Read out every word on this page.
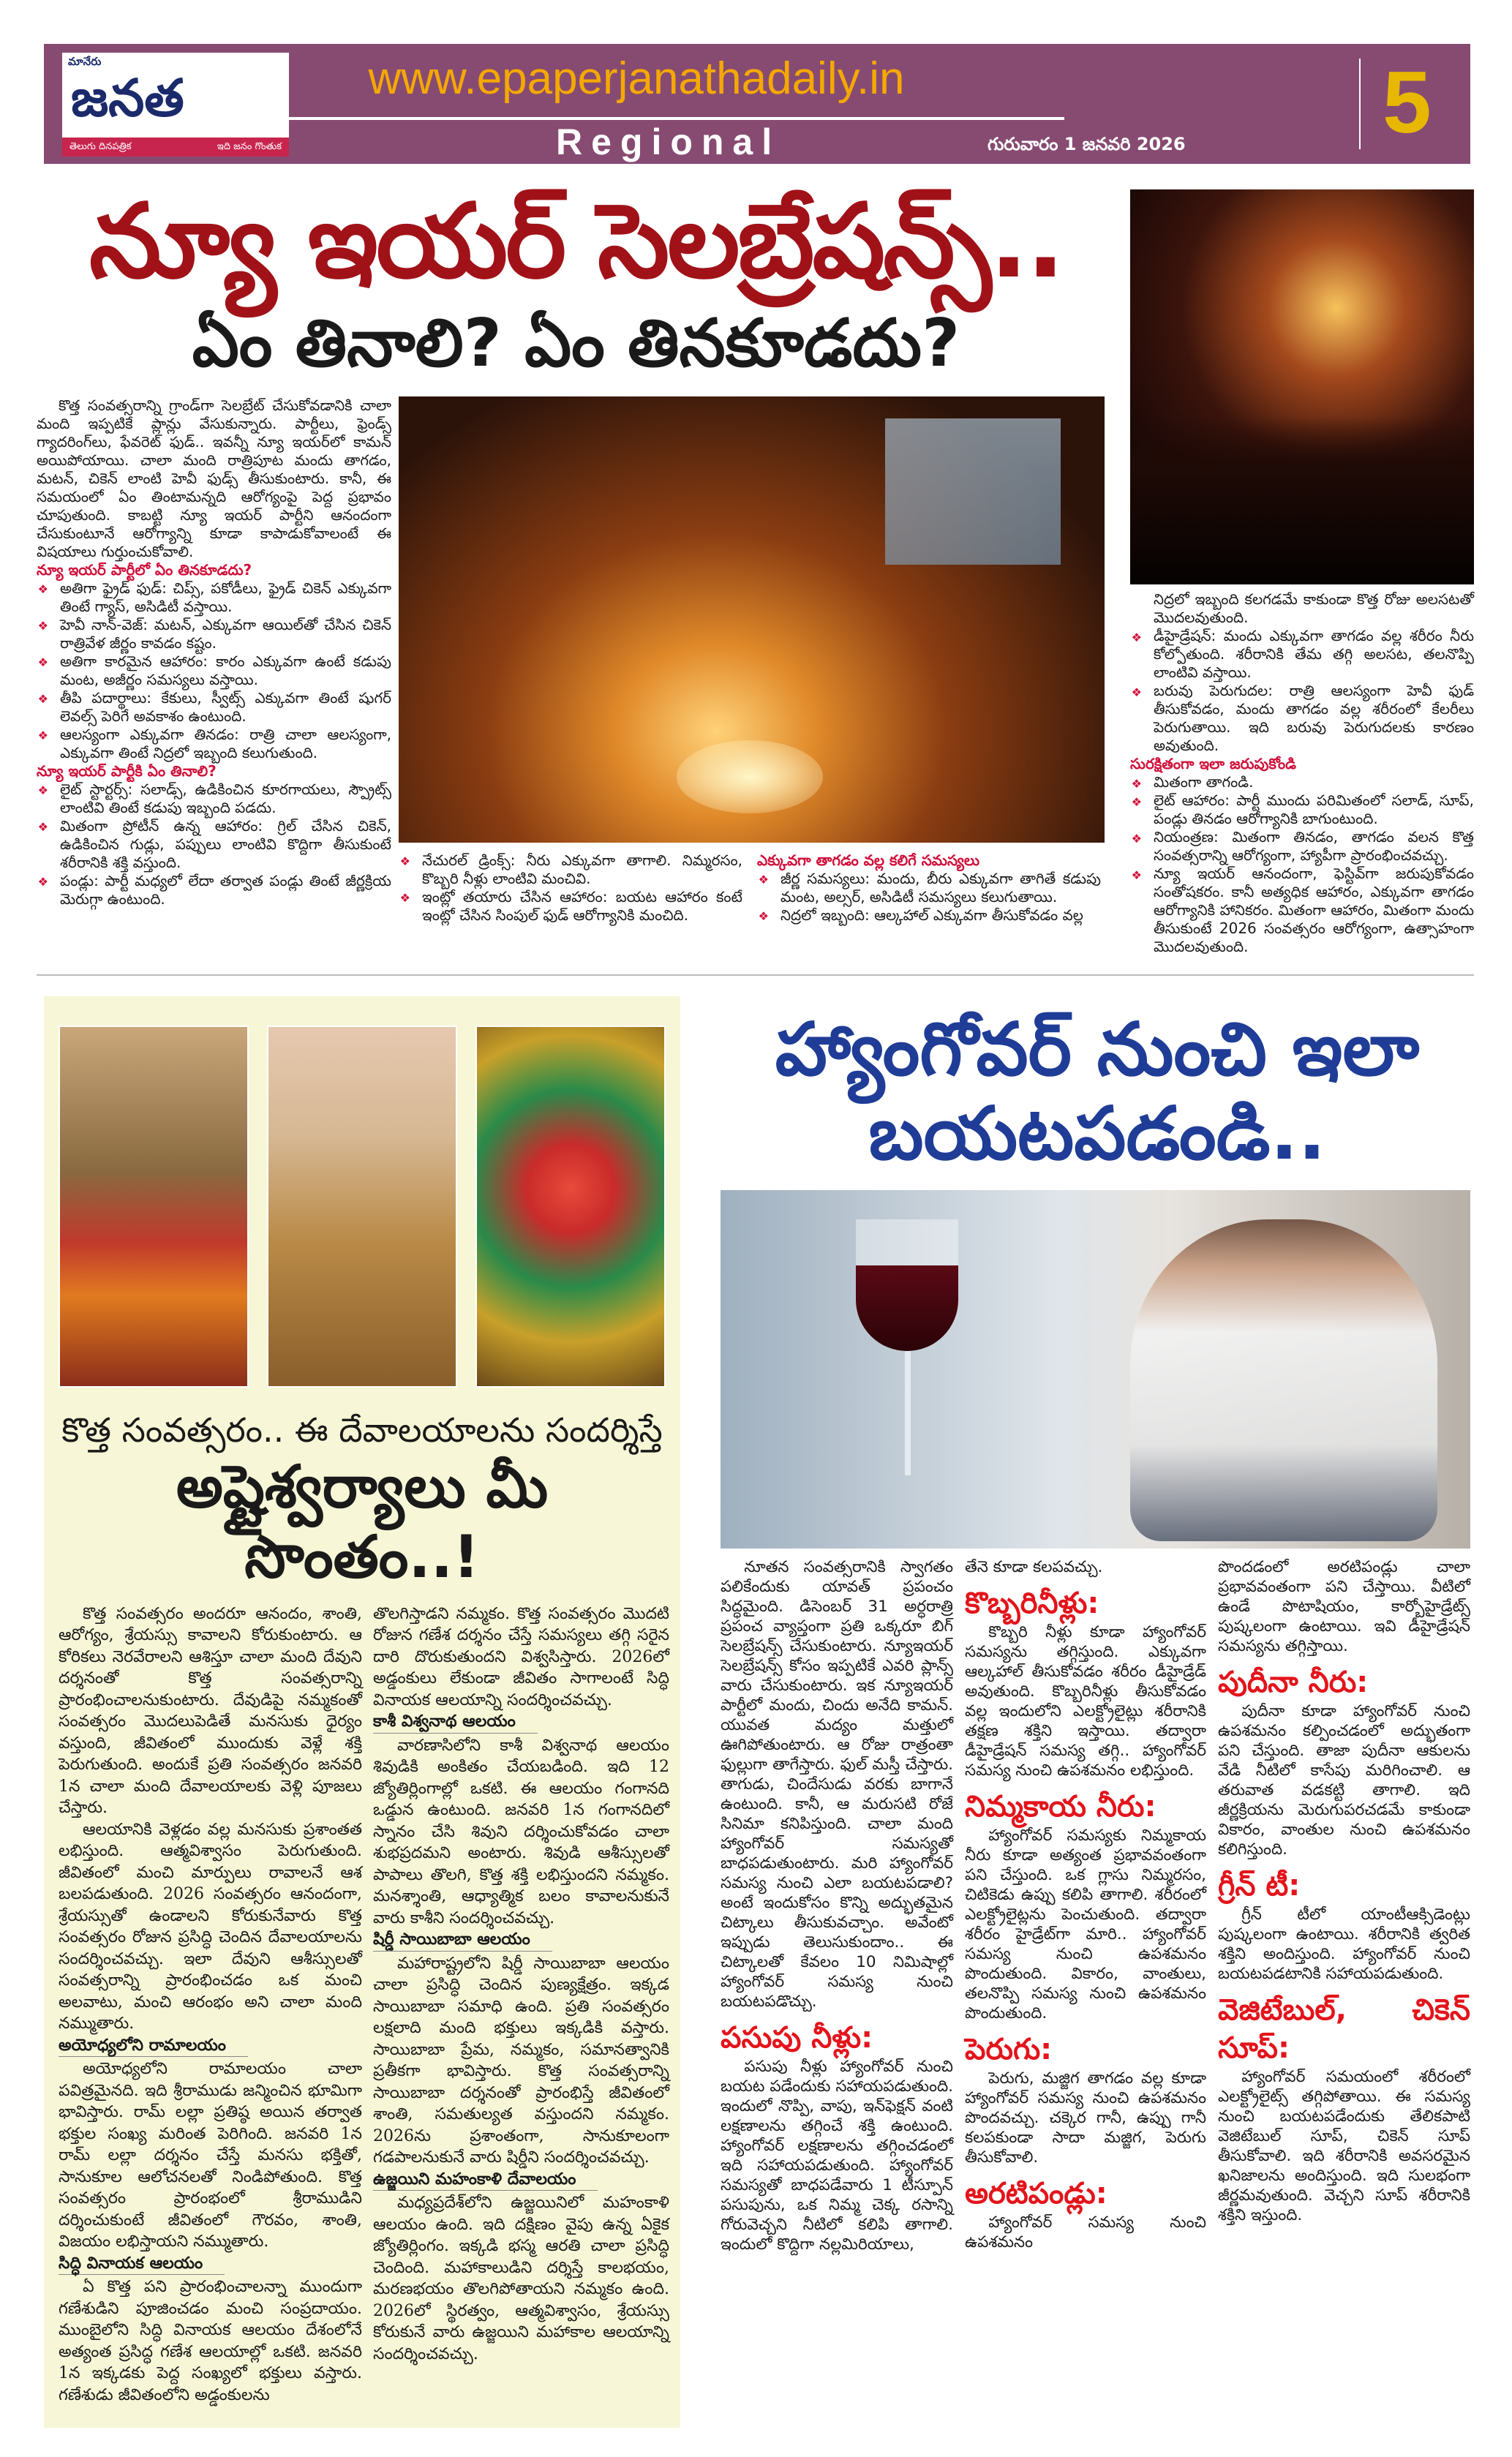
మానేరు
జనత
తెలుగు దినపత్రిక	ఇది జనం గొంతుక
www.epaperjanathadaily.in
Regional	గురువారం 1 జనవరి 2026 5
న్యూ ఇయర్ సెలబ్రేషన్స్..
ఏం తినాలి? ఏం తినకూడదు?
కొత్త సంవత్సరాన్ని గ్రాండ్‌గా సెలబ్రేట్ చేసుకోవడానికి చాలా మంది ఇప్పటికే ప్లాన్లు వేసుకున్నారు. పార్టీలు, ఫ్రెండ్స్ గ్యాదరింగ్‌లు, ఫేవరెట్ ఫుడ్.. ఇవన్నీ న్యూ ఇయర్‌లో కామన్ అయిపోయాయి. చాలా మంది రాత్రిపూట మందు తాగడం, మటన్, చికెన్ లాంటి హెవీ ఫుడ్స్ తీసుకుంటారు. కానీ, ఈ సమయంలో ఏం తింటామన్నది ఆరోగ్యంపై పెద్ద ప్రభావం చూపుతుంది. కాబట్టి న్యూ ఇయర్ పార్టీని ఆనందంగా చేసుకుంటూనే ఆరోగ్యాన్ని కూడా కాపాడుకోవాలంటే ఈ విషయాలు గుర్తుంచుకోవాలి.
న్యూ ఇయర్ పార్టీలో ఏం తినకూడదు?
❖ అతిగా ఫ్రైడ్ ఫుడ్: చిప్స్, పకోడీలు, ఫ్రైడ్ చికెన్ ఎక్కువగా తింటే గ్యాస్, అసిడిటీ వస్తాయి.
❖ హెవీ నాన్-వెజ్: మటన్, ఎక్కువగా ఆయిల్‌తో చేసిన చికెన్ రాత్రివేళ జీర్ణం కావడం కష్టం.
❖ అతిగా కారమైన ఆహారం: కారం ఎక్కువగా ఉంటే కడుపు మంట, అజీర్ణం సమస్యలు వస్తాయి.
❖ తీపి పదార్థాలు: కేకులు, స్వీట్స్ ఎక్కువగా తింటే షుగర్ లెవల్స్ పెరిగే అవకాశం ఉంటుంది.
❖ ఆలస్యంగా ఎక్కువగా తినడం: రాత్రి చాలా ఆలస్యంగా, ఎక్కువగా తింటే నిద్రలో ఇబ్బంది కలుగుతుంది.
న్యూ ఇయర్ పార్టీకి ఏం తినాలి?
❖ లైట్ స్టార్టర్స్: సలాడ్స్, ఉడికించిన కూరగాయలు, స్ప్రౌట్స్ లాంటివి తింటే కడుపు ఇబ్బంది పడదు.
❖ మితంగా ప్రోటీన్ ఉన్న ఆహారం: గ్రిల్ చేసిన చికెన్, ఉడికించిన గుడ్లు, పప్పులు లాంటివి కొద్దిగా తీసుకుంటే శరీరానికి శక్తి వస్తుంది.
❖ పండ్లు: పార్టీ మధ్యలో లేదా తర్వాత పండ్లు తింటే జీర్ణక్రియ మెరుగ్గా ఉంటుంది.
❖ నేచురల్ డ్రింక్స్: నీరు ఎక్కువగా తాగాలి. నిమ్మరసం, కొబ్బరి నీళ్లు లాంటివి మంచివి.
❖ ఇంట్లో తయారు చేసిన ఆహారం: బయట ఆహారం కంటే ఇంట్లో చేసిన సింపుల్ ఫుడ్ ఆరోగ్యానికి మంచిది.
ఎక్కువగా తాగడం వల్ల కలిగే సమస్యలు
❖ జీర్ణ సమస్యలు: మందు, బీరు ఎక్కువగా తాగితే కడుపు మంట, అల్సర్, అసిడిటీ సమస్యలు కలుగుతాయి.
❖ నిద్రలో ఇబ్బంది: ఆల్కహాల్ ఎక్కువగా తీసుకోవడం వల్ల
నిద్రలో ఇబ్బంది కలగడమే కాకుండా కొత్త రోజు అలసటతో మొదలవుతుంది.
❖ డీహైడ్రేషన్: మందు ఎక్కువగా తాగడం వల్ల శరీరం నీరు కోల్పోతుంది. శరీరానికి తేమ తగ్గి అలసట, తలనొప్పి లాంటివి వస్తాయి.
❖ బరువు పెరుగుదల: రాత్రి ఆలస్యంగా హెవీ ఫుడ్ తీసుకోవడం, మందు తాగడం వల్ల శరీరంలో కేలరీలు పెరుగుతాయి. ఇది బరువు పెరుగుదలకు కారణం అవుతుంది.
సురక్షితంగా ఇలా జరుపుకోండి
❖ మితంగా తాగండి.
❖ లైట్ ఆహారం: పార్టీ ముందు పరిమితంలో సలాడ్, సూప్, పండ్లు తినడం ఆరోగ్యానికి బాగుంటుంది.
❖ నియంత్రణ: మితంగా తినడం, తాగడం వలన కొత్త సంవత్సరాన్ని ఆరోగ్యంగా, హ్యాపీగా ప్రారంభించవచ్చు.
❖ న్యూ ఇయర్ ఆనందంగా, ఫెస్టివ్‌గా జరుపుకోవడం సంతోషకరం. కానీ అత్యధిక ఆహారం, ఎక్కువగా తాగడం ఆరోగ్యానికి హానికరం. మితంగా ఆహారం, మితంగా మందు తీసుకుంటే 2026 సంవత్సరం ఆరోగ్యంగా, ఉత్సాహంగా మొదలవుతుంది.
కొత్త సంవత్సరం.. ఈ దేవాలయాలను సందర్శిస్తే
అష్టైశ్వర్యాలు మీ సొంతం..!
కొత్త సంవత్సరం అందరూ ఆనందం, శాంతి, ఆరోగ్యం, శ్రేయస్సు కావాలని కోరుకుంటారు. ఆ కోరికలు నెరవేరాలని ఆశిస్తూ చాలా మంది దేవుని దర్శనంతో కొత్త సంవత్సరాన్ని ప్రారంభించాలనుకుంటారు. దేవుడిపై నమ్మకంతో సంవత్సరం మొదలుపెడితే మనసుకు ధైర్యం వస్తుంది, జీవితంలో ముందుకు వెళ్లే శక్తి పెరుగుతుంది. అందుకే ప్రతి సంవత్సరం జనవరి 1న చాలా మంది దేవాలయాలకు వెళ్లి పూజలు చేస్తారు.
ఆలయానికి వెళ్లడం వల్ల మనసుకు ప్రశాంతత లభిస్తుంది. ఆత్మవిశ్వాసం పెరుగుతుంది. జీవితంలో మంచి మార్పులు రావాలనే ఆశ బలపడుతుంది. 2026 సంవత్సరం ఆనందంగా, శ్రేయస్సుతో ఉండాలని కోరుకునేవారు కొత్త సంవత్సరం రోజున ప్రసిద్ధి చెందిన దేవాలయాలను సందర్శించవచ్చు. ఇలా దేవుని ఆశీస్సులతో సంవత్సరాన్ని ప్రారంభించడం ఒక మంచి అలవాటు, మంచి ఆరంభం అని చాలా మంది నమ్ముతారు.
అయోధ్యలోని రామాలయం
అయోధ్యలోని రామాలయం చాలా పవిత్రమైనది. ఇది శ్రీరాముడు జన్మించిన భూమిగా భావిస్తారు. రామ్ లల్లా ప్రతిష్ఠ అయిన తర్వాత భక్తుల సంఖ్య మరింత పెరిగింది. జనవరి 1న రామ్ లల్లా దర్శనం చేస్తే మనసు భక్తితో, సానుకూల ఆలోచనలతో నిండిపోతుంది. కొత్త సంవత్సరం ప్రారంభంలో శ్రీరాముడిని దర్శించుకుంటే జీవితంలో గౌరవం, శాంతి, విజయం లభిస్తాయని నమ్ముతారు.
సిద్ధి వినాయక ఆలయం
ఏ కొత్త పని ప్రారంభించాలన్నా ముందుగా గణేశుడిని పూజించడం మంచి సంప్రదాయం. ముంబైలోని సిద్ధి వినాయక ఆలయం దేశంలోనే అత్యంత ప్రసిద్ధ గణేశ ఆలయాల్లో ఒకటి. జనవరి 1న ఇక్కడకు పెద్ద సంఖ్యలో భక్తులు వస్తారు. గణేశుడు జీవితంలోని అడ్డంకులను
తొలగిస్తాడని నమ్మకం. కొత్త సంవత్సరం మొదటి రోజున గణేశ దర్శనం చేస్తే సమస్యలు తగ్గి సరైన దారి దొరుకుతుందని విశ్వసిస్తారు. 2026లో అడ్డంకులు లేకుండా జీవితం సాగాలంటే సిద్ధి వినాయక ఆలయాన్ని సందర్శించవచ్చు.
కాశీ విశ్వనాథ ఆలయం
వారణాసిలోని కాశీ విశ్వనాథ ఆలయం శివుడికి అంకితం చేయబడింది. ఇది 12 జ్యోతిర్లింగాల్లో ఒకటి. ఈ ఆలయం గంగానది ఒడ్డున ఉంటుంది. జనవరి 1న గంగానదిలో స్నానం చేసి శివుని దర్శించుకోవడం చాలా శుభప్రదమని అంటారు. శివుడి ఆశీస్సులతో పాపాలు తొలగి, కొత్త శక్తి లభిస్తుందని నమ్మకం. మనశ్శాంతి, ఆధ్యాత్మిక బలం కావాలనుకునే వారు కాశీని సందర్శించవచ్చు.
షిర్డీ సాయిబాబా ఆలయం
మహారాష్ట్రలోని షిర్డీ సాయిబాబా ఆలయం చాలా ప్రసిద్ధి చెందిన పుణ్యక్షేత్రం. ఇక్కడ సాయిబాబా సమాధి ఉంది. ప్రతి సంవత్సరం లక్షలాది మంది భక్తులు ఇక్కడికి వస్తారు. సాయిబాబా ప్రేమ, నమ్మకం, సమానత్వానికి ప్రతీకగా భావిస్తారు. కొత్త సంవత్సరాన్ని సాయిబాబా దర్శనంతో ప్రారంభిస్తే జీవితంలో శాంతి, సమతుల్యత వస్తుందని నమ్మకం. 2026ను ప్రశాంతంగా, సానుకూలంగా గడపాలనుకునే వారు షిర్డీని సందర్శించవచ్చు.
ఉజ్జయిని మహంకాళి దేవాలయం
మధ్యప్రదేశ్‌లోని ఉజ్జయినిలో మహంకాళి ఆలయం ఉంది. ఇది దక్షిణం వైపు ఉన్న ఏకైక జ్యోతిర్లింగం. ఇక్కడి భస్మ ఆరతి చాలా ప్రసిద్ధి చెందింది. మహాకాలుడిని దర్శిస్తే కాలభయం, మరణభయం తొలగిపోతాయని నమ్మకం ఉంది. 2026లో స్థిరత్వం, ఆత్మవిశ్వాసం, శ్రేయస్సు కోరుకునే వారు ఉజ్జయిని మహాకాల ఆలయాన్ని సందర్శించవచ్చు.
హ్యాంగోవర్ నుంచి ఇలా బయటపడండి..
నూతన సంవత్సరానికి స్వాగతం పలికేందుకు యావత్ ప్రపంచం సిద్ధమైంది. డిసెంబర్ 31 అర్ధరాత్రి ప్రపంచ వ్యాప్తంగా ప్రతి ఒక్కరూ బిగ్ సెలబ్రేషన్స్ చేసుకుంటారు. న్యూఇయర్ సెలబ్రేషన్స్ కోసం ఇప్పటికే ఎవరి ప్లాన్స్ వారు చేసుకుంటారు. ఇక న్యూఇయర్ పార్టీలో మందు, చిందు అనేది కామన్. యువత మద్యం మత్తులో ఊగిపోతుంటారు. ఆ రోజు రాత్రంతా ఫుల్లుగా తాగేస్తారు. ఫుల్ మస్తీ చేస్తారు. తాగుడు, చిందేసుడు వరకు బాగానే ఉంటుంది. కానీ, ఆ మరుసటి రోజే సినిమా కనిపిస్తుంది. చాలా మంది హ్యాంగోవర్ సమస్యతో బాధపడుతుంటారు. మరి హ్యాంగోవర్ సమస్య నుంచి ఎలా బయటపడాలి? అంటే ఇందుకోసం కొన్ని అద్భుతమైన చిట్కాలు తీసుకువచ్చాం. అవేంటో ఇప్పుడు తెలుసుకుందాం.. ఈ చిట్కాలతో కేవలం 10 నిమిషాల్లో హ్యాంగోవర్ సమస్య నుంచి బయటపడొచ్చు.
పసుపు నీళ్లు:
పసుపు నీళ్లు హ్యాంగోవర్ నుంచి బయట పడేందుకు సహాయపడుతుంది. ఇందులో నొప్పి, వాపు, ఇన్‌ఫెక్షన్ వంటి లక్షణాలను తగ్గించే శక్తి ఉంటుంది. హ్యాంగోవర్ లక్షణాలను తగ్గించడంలో ఇది సహాయపడుతుంది. హ్యాంగోవర్ సమస్యతో బాధపడేవారు 1 టీస్పూన్ పసుపును, ఒక నిమ్మ చెక్క రసాన్ని గోరువెచ్చని నీటిలో కలిపి తాగాలి. ఇందులో కొద్దిగా నల్లమిరియాలు,
తేనె కూడా కలపవచ్చు.
కొబ్బరినీళ్లు:
కొబ్బరి నీళ్లు కూడా హ్యాంగోవర్ సమస్యను తగ్గిస్తుంది. ఎక్కువగా ఆల్కహాల్ తీసుకోవడం శరీరం డీహైడ్రేడ్ అవుతుంది. కొబ్బరినీళ్లు తీసుకోవడం వల్ల ఇందులోని ఎలక్ట్రోలైట్లు శరీరానికి తక్షణ శక్తిని ఇస్తాయి. తద్వారా డీహైడ్రేషన్ సమస్య తగ్గి.. హ్యాంగోవర్ సమస్య నుంచి ఉపశమనం లభిస్తుంది.
నిమ్మకాయ నీరు:
హ్యాంగోవర్ సమస్యకు నిమ్మకాయ నీరు కూడా అత్యంత ప్రభావవంతంగా పని చేస్తుంది. ఒక గ్లాసు నిమ్మరసం, చిటికెడు ఉప్పు కలిపి తాగాలి. శరీరంలో ఎలక్ట్రోలైట్లను పెంచుతుంది. తద్వారా శరీరం హైడ్రేట్‌గా మారి.. హ్యాంగోవర్ సమస్య నుంచి ఉపశమనం పొందుతుంది. వికారం, వాంతులు, తలనొప్పి సమస్య నుంచి ఉపశమనం పొందుతుంది.
పెరుగు:
పెరుగు, మజ్జిగ తాగడం వల్ల కూడా హ్యాంగోవర్ సమస్య నుంచి ఉపశమనం పొందవచ్చు. చక్కెర గానీ, ఉప్పు గానీ కలపకుండా సాదా మజ్జిగ, పెరుగు తీసుకోవాలి.
అరటిపండ్లు:
హ్యాంగోవర్ సమస్య నుంచి ఉపశమనం
పొందడంలో అరటిపండ్లు చాలా ప్రభావవంతంగా పని చేస్తాయి. వీటిలో ఉండే పొటాషియం, కార్బోహైడ్రేట్స్ పుష్కలంగా ఉంటాయి. ఇవి డీహైడ్రేషన్ సమస్యను తగ్గిస్తాయి.
పుదీనా నీరు:
పుదీనా కూడా హ్యాంగోవర్ నుంచి ఉపశమనం కల్పించడంలో అద్భుతంగా పని చేస్తుంది. తాజా పుదీనా ఆకులను వేడి నీటిలో కాసేపు మరిగించాలి. ఆ తరువాత వడకట్టి తాగాలి. ఇది జీర్ణక్రియను మెరుగుపరచడమే కాకుండా వికారం, వాంతుల నుంచి ఉపశమనం కలిగిస్తుంది.
గ్రీన్ టీ:
గ్రీన్ టీలో యాంటీఆక్సిడెంట్లు పుష్కలంగా ఉంటాయి. శరీరానికి త్వరిత శక్తిని అందిస్తుంది. హ్యాంగోవర్ నుంచి బయటపడటానికి సహాయపడుతుంది.
వెజిటేబుల్, చికెన్ సూప్:
హ్యాంగోవర్ సమయంలో శరీరంలో ఎలక్ట్రోలైట్స్ తగ్గిపోతాయి. ఈ సమస్య నుంచి బయటపడేందుకు తేలికపాటి వెజిటేబుల్ సూప్, చికెన్ సూప్ తీసుకోవాలి. ఇది శరీరానికి అవసరమైన ఖనిజాలను అందిస్తుంది. ఇది సులభంగా జీర్ణమవుతుంది. వెచ్చని సూప్ శరీరానికి శక్తిని ఇస్తుంది.
